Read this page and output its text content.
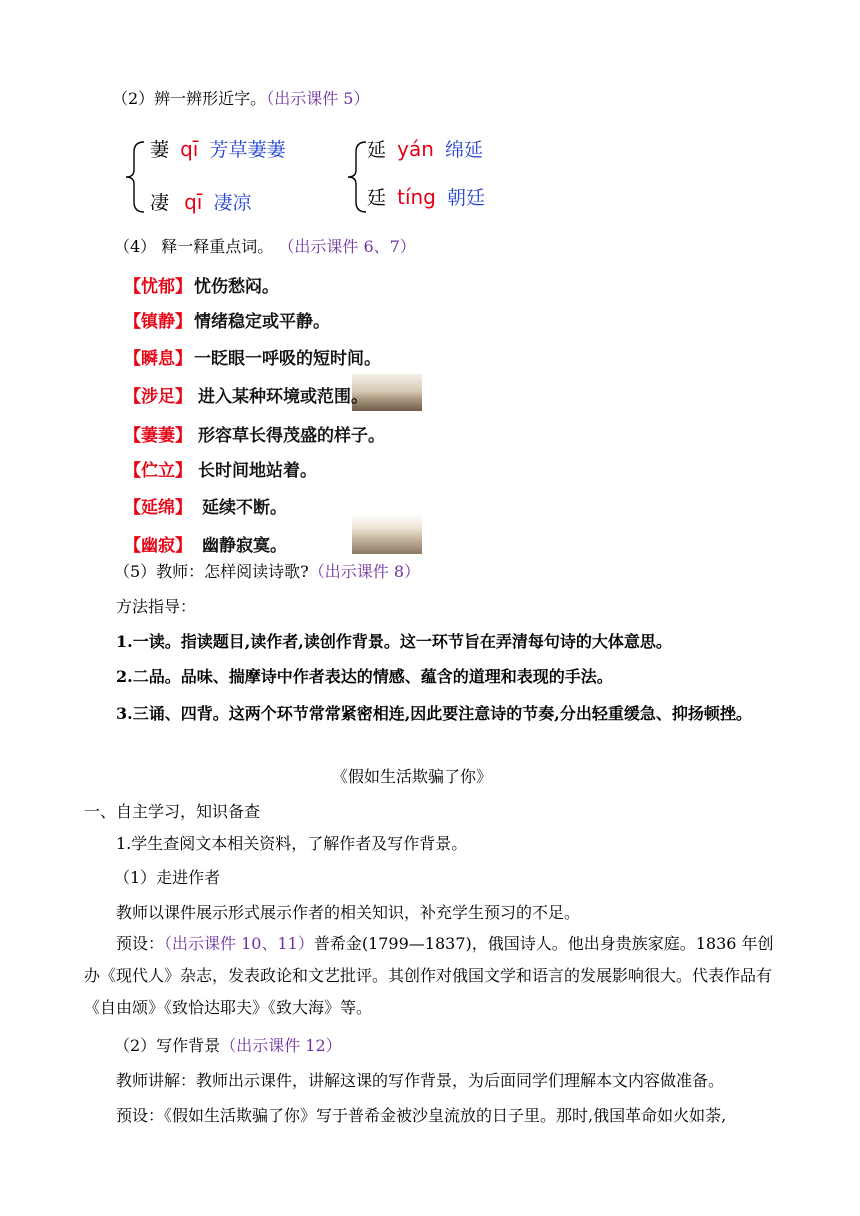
（2）辨一辨形近字。（出示课件 5）
萋 qī 芳草萋萋
凄 qī 凄凉
延 yán 绵延
廷 tíng 朝廷
（4） 释一释重点词。 （出示课件 6、7）
【忧郁】 忧伤愁闷。
【镇静】 情绪稳定或平静。
【瞬息】 一眨眼一呼吸的短时间。
【涉足】 进入某种环境或范围。
【萋萋】 形容草长得茂盛的样子。
【伫立】 长时间地站着。
【延绵】 延续不断。
【幽寂】 幽静寂寞。
（5）教师：怎样阅读诗歌?（出示课件 8）
方法指导：
1.一读。指读题目,读作者,读创作背景。这一环节旨在弄清每句诗的大体意思。
2.二品。品味、揣摩诗中作者表达的情感、蕴含的道理和表现的手法。
3.三诵、四背。这两个环节常常紧密相连,因此要注意诗的节奏,分出轻重缓急、抑扬顿挫。
《假如生活欺骗了你》
一、自主学习，知识备查
1.学生查阅文本相关资料，了解作者及写作背景。
（1）走进作者
教师以课件展示形式展示作者的相关知识，补充学生预习的不足。
预设：（出示课件 10、11）普希金(1799—1837)，俄国诗人。他出身贵族家庭。1836 年创办《现代人》杂志，发表政论和文艺批评。其创作对俄国文学和语言的发展影响很大。代表作品有《自由颂》《致恰达耶夫》《致大海》等。
（2）写作背景（出示课件 12）
教师讲解：教师出示课件，讲解这课的写作背景，为后面同学们理解本文内容做准备。
预设：《假如生活欺骗了你》写于普希金被沙皇流放的日子里。那时,俄国革命如火如荼,
